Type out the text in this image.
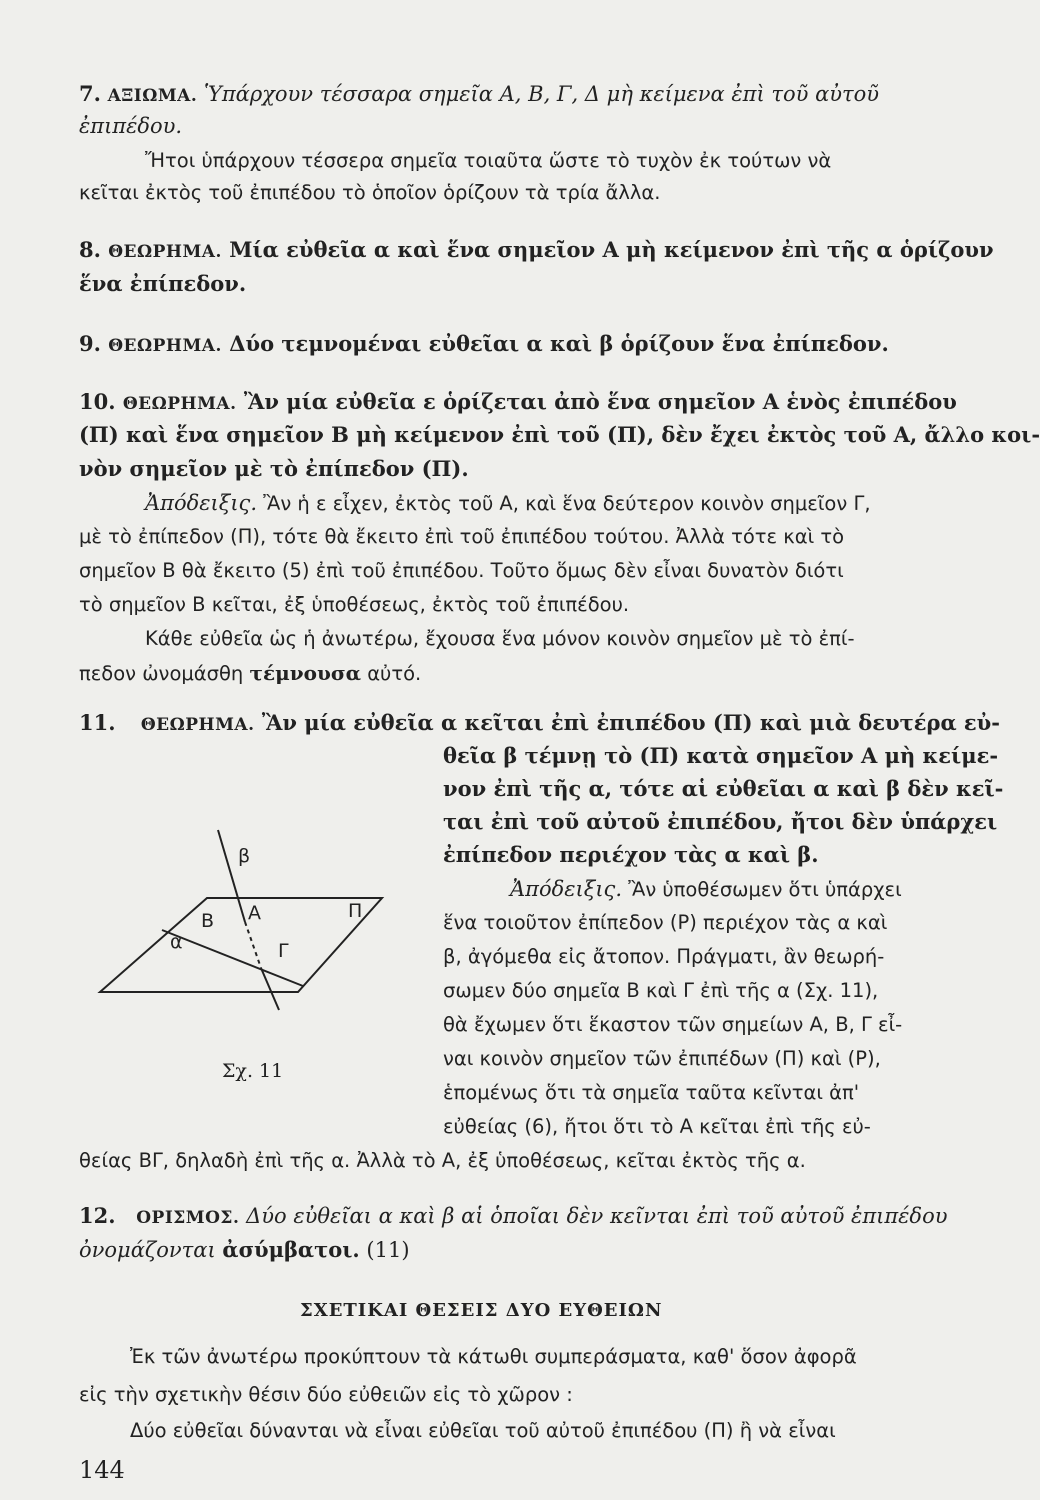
7. ΑΞΙΩΜΑ. Ὑπάρχουν τέσσαρα σημεῖα Α, Β, Γ, Δ μὴ κείμενα ἐπὶ τοῦ αὐτοῦ
ἐπιπέδου.
Ἤτοι ὑπάρχουν τέσσερα σημεῖα τοιαῦτα ὥστε τὸ τυχὸν ἐκ τούτων νὰ
κεῖται ἐκτὸς τοῦ ἐπιπέδου τὸ ὁποῖον ὁρίζουν τὰ τρία ἄλλα.
8. ΘΕΩΡΗΜΑ. Μία εὐθεῖα α καὶ ἕνα σημεῖον Α μὴ κείμενον ἐπὶ τῆς α ὁρίζουν
ἕνα ἐπίπεδον.
9. ΘΕΩΡΗΜΑ. Δύο τεμνομέναι εὐθεῖαι α καὶ β ὁρίζουν ἕνα ἐπίπεδον.
10. ΘΕΩΡΗΜΑ. Ἂν μία εὐθεῖα ε ὁρίζεται ἀπὸ ἕνα σημεῖον Α ἑνὸς ἐπιπέδου
(Π) καὶ ἕνα σημεῖον Β μὴ κείμενον ἐπὶ τοῦ (Π), δὲν ἔχει ἐκτὸς τοῦ Α, ἄλλο κοι-
νὸν σημεῖον μὲ τὸ ἐπίπεδον (Π).
Ἀπόδειξις. Ἂν ἡ ε εἶχεν, ἐκτὸς τοῦ Α, καὶ ἕνα δεύτερον κοινὸν σημεῖον Γ,
μὲ τὸ ἐπίπεδον (Π), τότε θὰ ἔκειτο ἐπὶ τοῦ ἐπιπέδου τούτου. Ἀλλὰ τότε καὶ τὸ
σημεῖον Β θὰ ἔκειτο (5) ἐπὶ τοῦ ἐπιπέδου. Τοῦτο ὅμως δὲν εἶναι δυνατὸν διότι
τὸ σημεῖον Β κεῖται, ἐξ ὑποθέσεως, ἐκτὸς τοῦ ἐπιπέδου.
Κάθε εὐθεῖα ὡς ἡ ἀνωτέρω, ἔχουσα ἕνα μόνον κοινὸν σημεῖον μὲ τὸ ἐπί-
πεδον ὠνομάσθη τέμνουσα αὐτό.
11. ΘΕΩΡΗΜΑ. Ἂν μία εὐθεῖα α κεῖται ἐπὶ ἐπιπέδου (Π) καὶ μιὰ δευτέρα εὐ-
θεῖα β τέμνῃ τὸ (Π) κατὰ σημεῖον Α μὴ κείμε-
νον ἐπὶ τῆς α, τότε αἱ εὐθεῖαι α καὶ β δὲν κεῖ-
ται ἐπὶ τοῦ αὐτοῦ ἐπιπέδου, ἤτοι δὲν ὑπάρχει
ἐπίπεδον περιέχον τὰς α καὶ β.
Ἀπόδειξις. Ἂν ὑποθέσωμεν ὅτι ὑπάρχει
ἕνα τοιοῦτον ἐπίπεδον (Ρ) περιέχον τὰς α καὶ
β, ἀγόμεθα εἰς ἄτοπον. Πράγματι, ἂν θεωρή-
σωμεν δύο σημεῖα Β καὶ Γ ἐπὶ τῆς α (Σχ. 11),
θὰ ἔχωμεν ὅτι ἕκαστον τῶν σημείων Α, Β, Γ εἶ-
ναι κοινὸν σημεῖον τῶν ἐπιπέδων (Π) καὶ (Ρ),
ἑπομένως ὅτι τὰ σημεῖα ταῦτα κεῖνται ἀπ'
εὐθείας (6), ἤτοι ὅτι τὸ Α κεῖται ἐπὶ τῆς εὐ-
θείας ΒΓ, δηλαδὴ ἐπὶ τῆς α. Ἀλλὰ τὸ Α, ἐξ ὑποθέσεως, κεῖται ἐκτὸς τῆς α.
β
Α
Β
α	Γ
Π
Σχ. 11
12. ΟΡΙΣΜΟΣ. Δύο εὐθεῖαι α καὶ β αἱ ὁποῖαι δὲν κεῖνται ἐπὶ τοῦ αὐτοῦ ἐπιπέδου
ὀνομάζονται ἀσύμβατοι. (11)
ΣΧΕΤΙΚΑΙ ΘΕΣΕΙΣ ΔΥΟ ΕΥΘΕΙΩΝ
Ἐκ τῶν ἀνωτέρω προκύπτουν τὰ κάτωθι συμπεράσματα, καθ' ὅσον ἀφορᾶ
εἰς τὴν σχετικὴν θέσιν δύο εὐθειῶν εἰς τὸ χῶρον :
Δύο εὐθεῖαι δύνανται νὰ εἶναι εὐθεῖαι τοῦ αὐτοῦ ἐπιπέδου (Π) ἢ νὰ εἶναι
144
